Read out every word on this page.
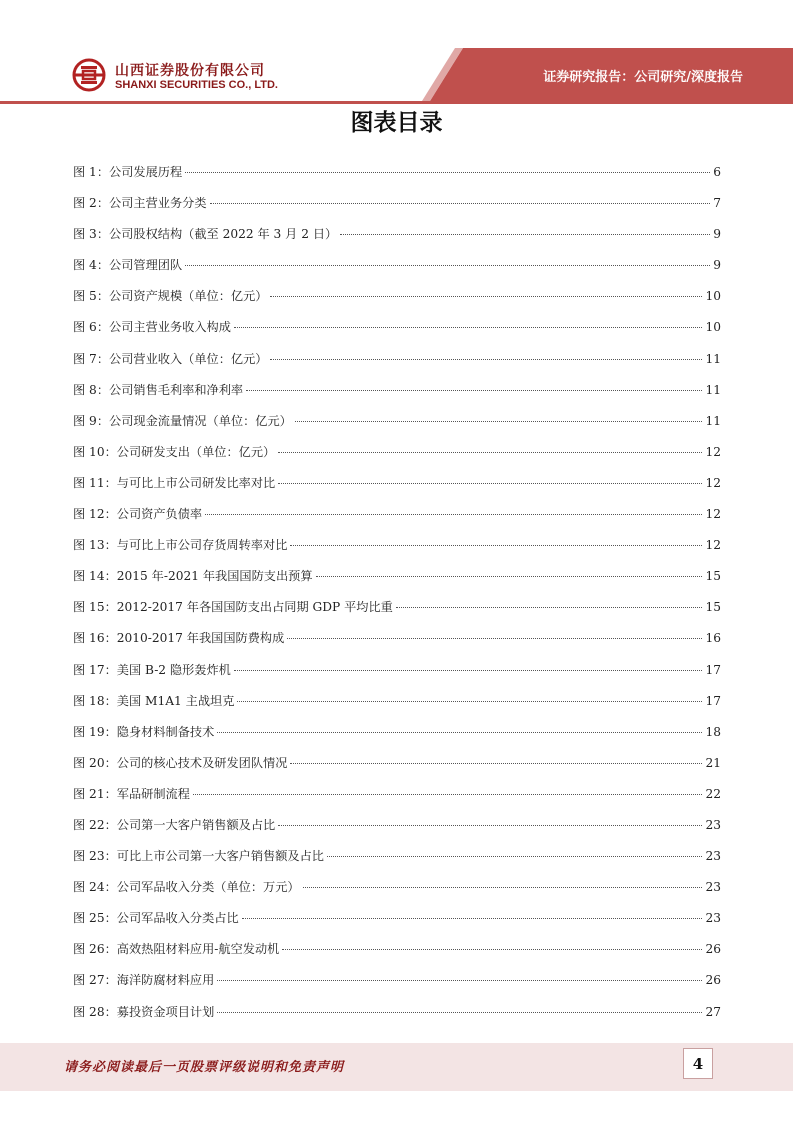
山西证券股份有限公司
SHANXI SECURITIES CO., LTD.	证券研究报告：公司研究/深度报告
图表目录
图 1：公司发展历程	6
图 2：公司主营业务分类	7
图 3：公司股权结构（截至 2022 年 3 月 2 日）	9
图 4：公司管理团队	9
图 5：公司资产规模（单位：亿元）	10
图 6：公司主营业务收入构成	10
图 7：公司营业收入（单位：亿元）	11
图 8：公司销售毛利率和净利率	11
图 9：公司现金流量情况（单位：亿元）	11
图 10：公司研发支出（单位：亿元）	12
图 11：与可比上市公司研发比率对比	12
图 12：公司资产负债率	12
图 13：与可比上市公司存货周转率对比	12
图 14：2015 年-2021 年我国国防支出预算	15
图 15：2012-2017 年各国国防支出占同期 GDP 平均比重	15
图 16：2010-2017 年我国国防费构成	16
图 17：美国 B-2 隐形轰炸机	17
图 18：美国 M1A1 主战坦克	17
图 19：隐身材料制备技术	18
图 20：公司的核心技术及研发团队情况	21
图 21：军品研制流程	22
图 22：公司第一大客户销售额及占比	23
图 23：可比上市公司第一大客户销售额及占比	23
图 24：公司军品收入分类（单位：万元）	23
图 25：公司军品收入分类占比	23
图 26：高效热阻材料应用-航空发动机	26
图 27：海洋防腐材料应用	26
图 28：募投资金项目计划	27
请务必阅读最后一页股票评级说明和免责声明	4
